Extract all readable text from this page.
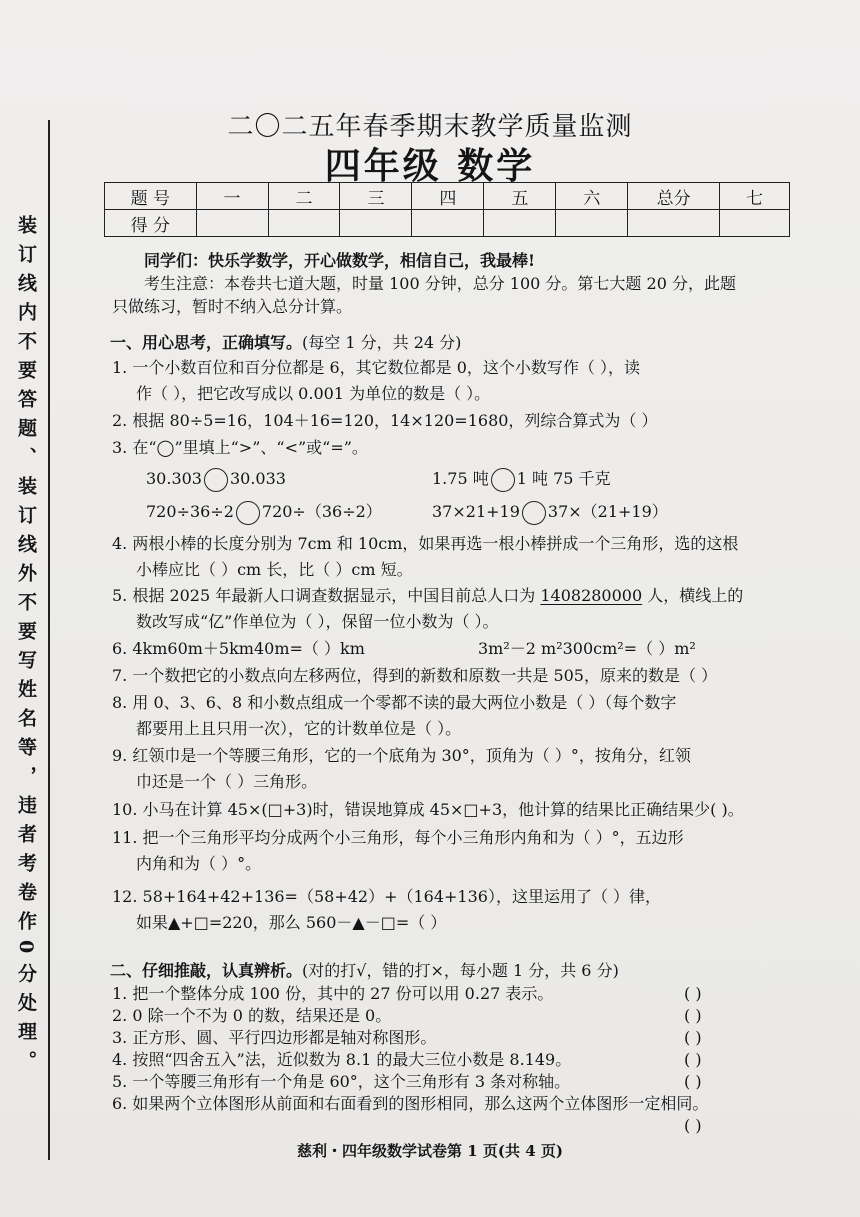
装订线内不要答题、装订线外不要写姓名等，违者考卷作0分处理。
二〇二五年春季期末教学质量监测
四年级 数学
题 号	一	二	三	四	五	六	总分	七
得 分								

同学们：快乐学数学，开心做数学，相信自己，我最棒!

考生注意：本卷共七道大题，时量 100 分钟，总分 100 分。第七大题 20 分，此题

只做练习，暂时不纳入总分计算。

一、用心思考，正确填写。(每空 1 分，共 24 分)
1. 一个小数百位和百分位都是 6，其它数位都是 0，这个小数写作（ ），读
作（ ），把它改写成以 0.001 为单位的数是（ ）。
2. 根据 80÷5=16，104＋16=120，14×120=1680，列综合算式为（ ）
3. 在“◯”里填上“>”、“<”或“=”。
30.303 30.033	1.75 吨 1 吨 75 千克
720÷36÷2 720÷（36÷2）	37×21+19 37×（21+19）
4. 两根小棒的长度分别为 7cm 和 10cm，如果再选一根小棒拼成一个三角形，选的这根
小棒应比（ ）cm 长，比（ ）cm 短。
5. 根据 2025 年最新人口调查数据显示，中国目前总人口为 1408280000 人，横线上的
数改写成“亿”作单位为（ ），保留一位小数为（ ）。
6. 4km60m＋5km40m=（ ）km	3m²－2 m²300cm²=（ ）m²
7. 一个数把它的小数点向左移两位，得到的新数和原数一共是 505，原来的数是（ ）
8. 用 0、3、6、8 和小数点组成一个零都不读的最大两位小数是（ ）（每个数字
都要用上且只用一次），它的计数单位是（ ）。
9. 红领巾是一个等腰三角形，它的一个底角为 30°，顶角为（ ）°，按角分，红领
巾还是一个（ ）三角形。
10. 小马在计算 45×(□+3)时，错误地算成 45×□+3，他计算的结果比正确结果少( )。
11. 把一个三角形平均分成两个小三角形，每个小三角形内角和为（ ）°，五边形
内角和为（ ）°。
12. 58+164+42+136=（58+42）+（164+136），这里运用了（ ）律，
如果▲+□=220，那么 560－▲－□=（ ）
二、仔细推敲，认真辨析。(对的打√，错的打×，每小题 1 分，共 6 分)
1. 把一个整体分成 100 份，其中的 27 份可以用 0.27 表示。	( )
2. 0 除一个不为 0 的数，结果还是 0。	( )
3. 正方形、圆、平行四边形都是轴对称图形。	( )
4. 按照“四舍五入”法，近似数为 8.1 的最大三位小数是 8.149。	( )
5. 一个等腰三角形有一个角是 60°，这个三角形有 3 条对称轴。	( )
6. 如果两个立体图形从前面和右面看到的图形相同，那么这两个立体图形一定相同。
( )
慈利・四年级数学试卷第 1 页(共 4 页)
